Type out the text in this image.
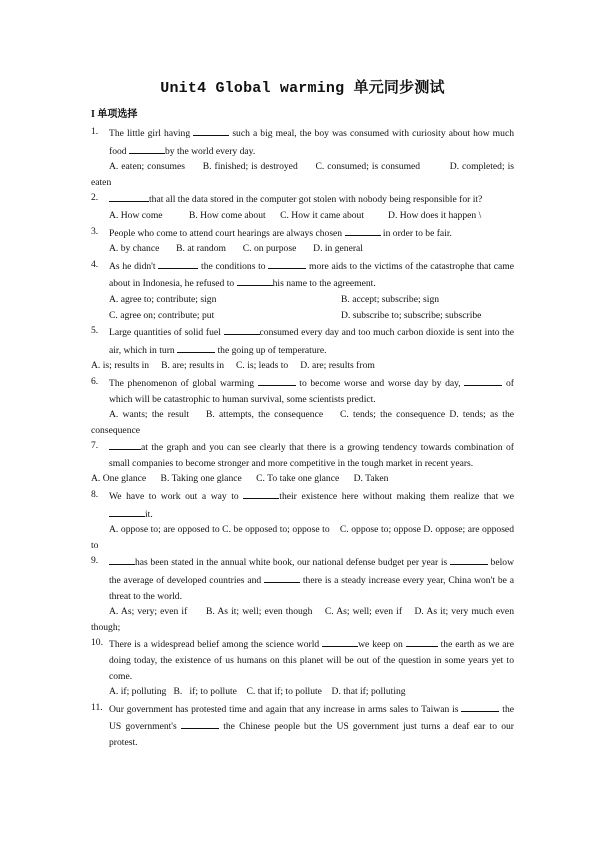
Unit4 Global warming 单元同步测试
I 单项选择
1.	The little girl having	such a big meal, the boy was consumed with curiosity about how much food	by the world every day.
A. eaten; consumes B. finished; is destroyed C. consumed; is consumed	D. completed; is eaten
2.	that all the data stored in the computer got stolen with nobody being responsible for it?
A. How come	B. How come about C. How it came about D. How does it happen \
3.	People who come to attend court hearings are always chosen	in order to be fair.
A. by chance B. at random C. on purpose D. in general
4.	As he didn't	the conditions to	more aids to the victims of the catastrophe that came about in Indonesia, he refused to	his name to the agreement.
A. agree to; contribute; sign	B. accept; subscribe; sign
C. agree on; contribute; put	D. subscribe to; subscribe; subscribe
5.	Large quantities of solid fuel	consumed every day and too much carbon dioxide is sent into the air, which in turn	the going up of temperature.
A. is; results in B. are; results in C. is; leads to D. are; results from
6.	The phenomenon of global warming	to become worse and worse day by day,	of which will be catastrophic to human survival, some scientists predict.
A. wants; the result    B. attempts, the consequence    C. tends; the consequence D. tends; as the consequence
7.	at the graph and you can see clearly that there is a growing tendency towards combination of small companies to become stronger and more competitive in the tough market in recent years.
A. One glance B. Taking one glance C. To take one glance D. Taken
8.	We have to work out a way to	their existence here without making them realize that we it.
A. oppose to; are opposed to C. be opposed to; oppose to    C. oppose to; oppose D. oppose; are opposed to
9.	has been stated in the annual white book, our national defense budget per year is	below the average of developed countries and	there is a steady increase every year, China won't be a threat to the world.
A. As; very; even if      B. As it; well; even though    C. As; well; even if    D. As it; very much even though;
10. There is a widespread belief among the science world	we keep on	the earth as we are doing today, the existence of us humans on this planet will be out of the question in some years yet to come.
A. if; polluting   B.   if; to pollute    C. that if; to pollute    D. that if; polluting
11. Our government has protested time and again that any increase in arms sales to Taiwan is	the US government's	the Chinese people but the US government just turns a deaf ear to our protest.
